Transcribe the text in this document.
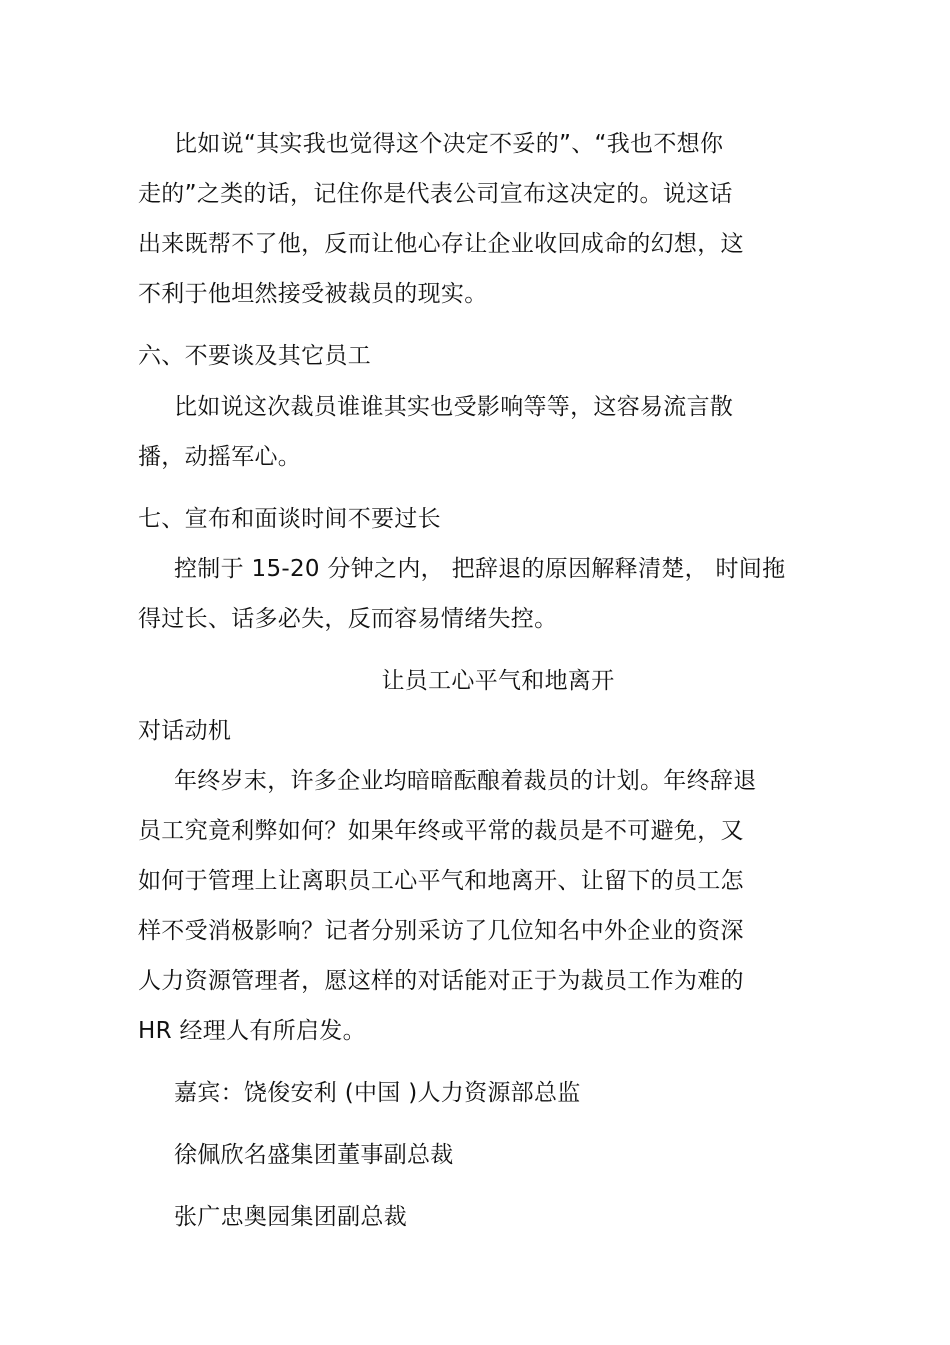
比如说“其实我也觉得这个决定不妥的”、“我也不想你
走的”之类的话，记住你是代表公司宣布这决定的。说这话
出来既帮不了他，反而让他心存让企业收回成命的幻想，这
不利于他坦然接受被裁员的现实。
六、不要谈及其它员工
比如说这次裁员谁谁其实也受影响等等，这容易流言散
播，动摇军心。
七、宣布和面谈时间不要过长
控制于 15-20 分钟之内， 把辞退的原因解释清楚， 时间拖
得过长、话多必失，反而容易情绪失控。
让员工心平气和地离开
对话动机
年终岁末，许多企业均暗暗酝酿着裁员的计划。年终辞退
员工究竟利弊如何？如果年终或平常的裁员是不可避免，又
如何于管理上让离职员工心平气和地离开、让留下的员工怎
样不受消极影响？记者分别采访了几位知名中外企业的资深
人力资源管理者，愿这样的对话能对正于为裁员工作为难的
HR 经理人有所启发。
嘉宾：饶俊安利 (中国 )人力资源部总监
徐佩欣名盛集团董事副总裁
张广忠奥园集团副总裁
